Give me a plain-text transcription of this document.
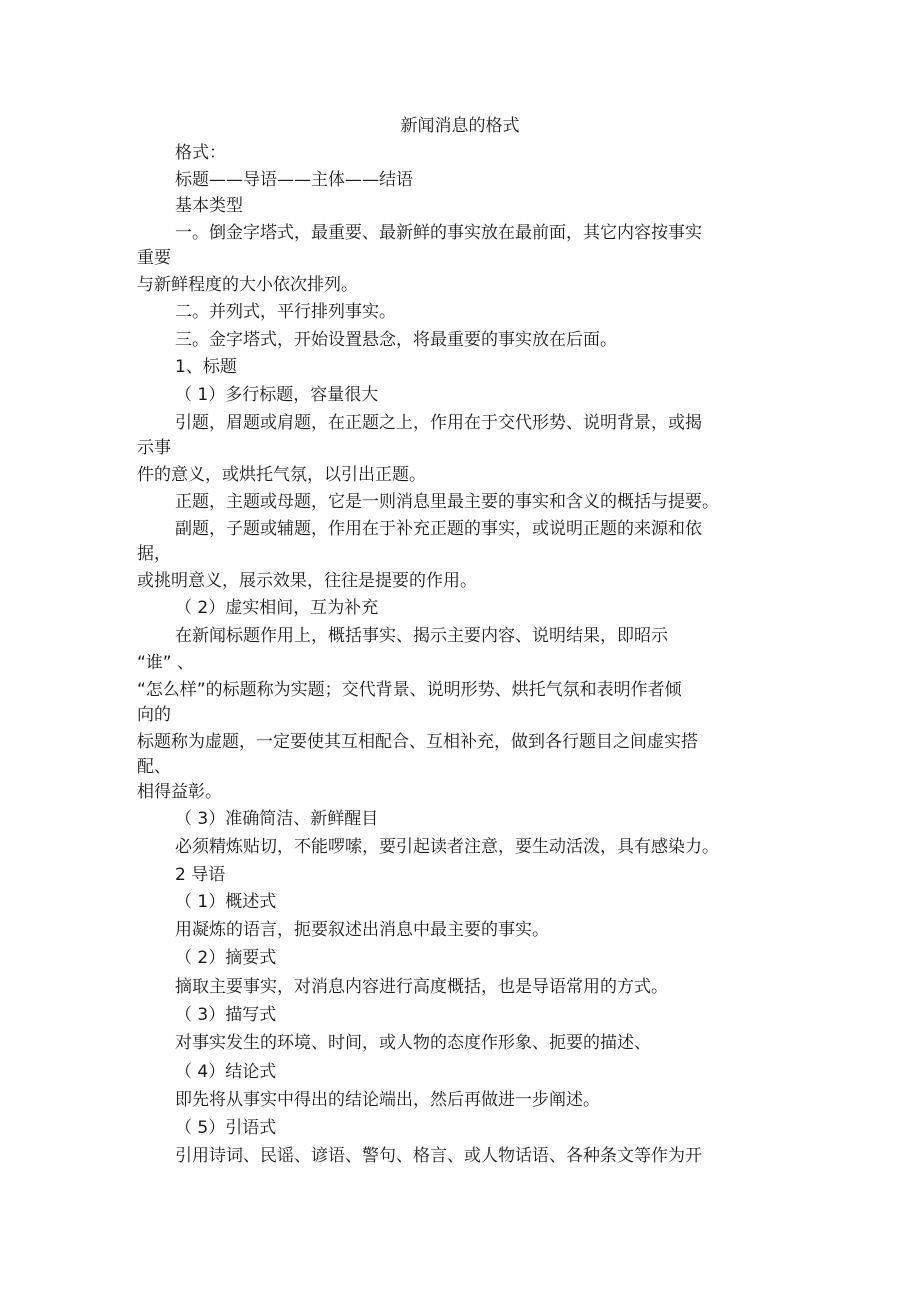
新闻消息的格式
格式：
标题——导语——主体——结语
基本类型
一。倒金字塔式，最重要、最新鲜的事实放在最前面，其它内容按事实
重要
与新鲜程度的大小依次排列。
二。并列式，平行排列事实。
三。金字塔式，开始设置悬念，将最重要的事实放在后面。
1、标题
（ 1）多行标题，容量很大
引题，眉题或肩题，在正题之上，作用在于交代形势、说明背景，或揭
示事
件的意义，或烘托气氛，以引出正题。
正题，主题或母题，它是一则消息里最主要的事实和含义的概括与提要。
副题，子题或辅题，作用在于补充正题的事实，或说明正题的来源和依
据，
或挑明意义，展示效果，往往是提要的作用。
（ 2）虚实相间，互为补充
在新闻标题作用上，概括事实、揭示主要内容、说明结果，即昭示
“谁” 、
“怎么样”的标题称为实题；交代背景、说明形势、烘托气氛和表明作者倾
向的
标题称为虚题，一定要使其互相配合、互相补充，做到各行题目之间虚实搭
配、
相得益彰。
（ 3）准确简洁、新鲜醒目
必须精炼贴切，不能啰嗦，要引起读者注意，要生动活泼，具有感染力。
2 导语
（ 1）概述式
用凝炼的语言，扼要叙述出消息中最主要的事实。
（ 2）摘要式
摘取主要事实，对消息内容进行高度概括，也是导语常用的方式。
（ 3）描写式
对事实发生的环境、时间，或人物的态度作形象、扼要的描述、
（ 4）结论式
即先将从事实中得出的结论端出，然后再做进一步阐述。
（ 5）引语式
引用诗词、民谣、谚语、警句、格言、或人物话语、各种条文等作为开
